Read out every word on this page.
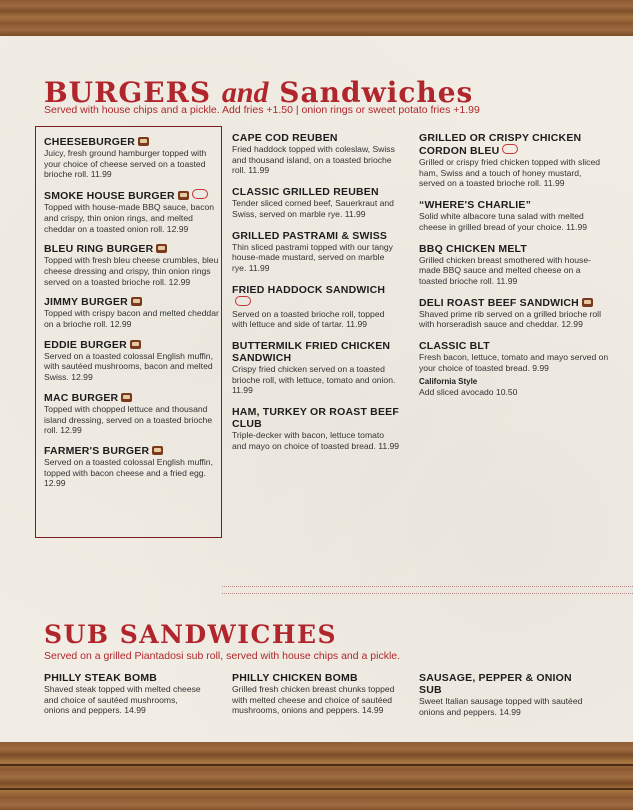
BURGERS and Sandwiches
Served with house chips and a pickle. Add fries +1.50 | onion rings or sweet potato fries +1.99
CHEESEBURGER
Juicy, fresh ground hamburger topped with your choice of cheese served on a toasted brioche roll. 11.99
SMOKE HOUSE BURGER
Topped with house-made BBQ sauce, bacon and crispy, thin onion rings, and melted cheddar on a toasted onion roll. 12.99
BLEU RING BURGER
Topped with fresh bleu cheese crumbles, bleu cheese dressing and crispy, thin onion rings served on a toasted brioche roll. 12.99
JIMMY BURGER
Topped with crispy bacon and melted cheddar on a brioche roll. 12.99
EDDIE BURGER
Served on a toasted colossal English muffin, with sautéed mushrooms, bacon and melted Swiss. 12.99
MAC BURGER
Topped with chopped lettuce and thousand island dressing, served on a toasted brioche roll. 12.99
FARMER'S BURGER
Served on a toasted colossal English muffin, topped with bacon cheese and a fried egg. 12.99
CAPE COD REUBEN
Fried haddock topped with coleslaw, Swiss and thousand island, on a toasted brioche roll. 11.99
CLASSIC GRILLED REUBEN
Tender sliced corned beef, Sauerkraut and Swiss, served on marble rye. 11.99
GRILLED PASTRAMI & SWISS
Thin sliced pastrami topped with our tangy house-made mustard, served on marble rye. 11.99
FRIED HADDOCK SANDWICH
Served on a toasted brioche roll, topped with lettuce and side of tartar. 11.99
BUTTERMILK FRIED CHICKEN SANDWICH
Crispy fried chicken served on a toasted brioche roll, with lettuce, tomato and onion. 11.99
HAM, TURKEY OR ROAST BEEF CLUB
Triple-decker with bacon, lettuce tomato and mayo on choice of toasted bread. 11.99
GRILLED OR CRISPY CHICKEN CORDON BLEU
Grilled or crispy fried chicken topped with sliced ham, Swiss and a touch of honey mustard, served on a toasted brioche roll. 11.99
“WHERE'S CHARLIE”
Solid white albacore tuna salad with melted cheese in grilled bread of your choice. 11.99
BBQ CHICKEN MELT
Grilled chicken breast smothered with house-made BBQ sauce and melted cheese on a toasted brioche roll. 11.99
DELI ROAST BEEF SANDWICH
Shaved prime rib served on a grilled brioche roll with horseradish sauce and cheddar. 12.99
CLASSIC BLT
Fresh bacon, lettuce, tomato and mayo served on your choice of toasted bread. 9.99
California Style
Add sliced avocado 10.50
SUB SANDWICHES
Served on a grilled Piantadosi sub roll, served with house chips and a pickle.
PHILLY STEAK BOMB
Shaved steak topped with melted cheese and choice of sautéed mushrooms, onions and peppers. 14.99
PHILLY CHICKEN BOMB
Grilled fresh chicken breast chunks topped with melted cheese and choice of sautéed mushrooms, onions and peppers. 14.99
SAUSAGE, PEPPER & ONION SUB
Sweet Italian sausage topped with sautéed onions and peppers. 14.99
